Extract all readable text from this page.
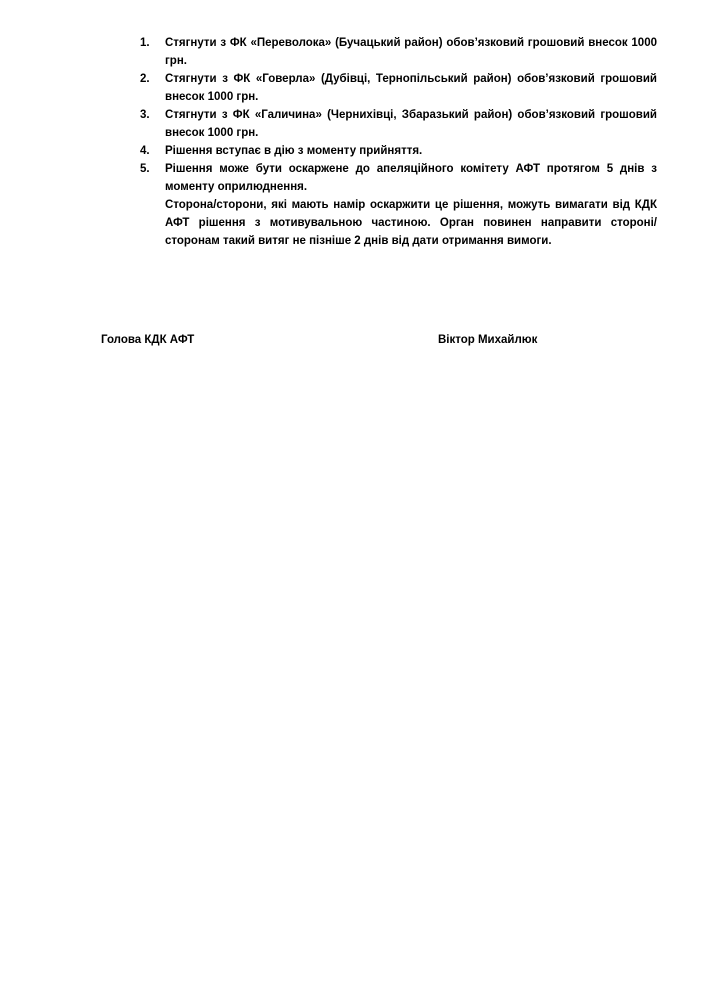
1.	Стягнути з ФК «Переволока» (Бучацький район) обов’язковий грошовий внесок 1000 грн.

2.	Стягнути з ФК «Говерла» (Дубівці, Тернопільський район) обов’язковий грошовий внесок 1000 грн.

3.	Стягнути з ФК «Галичина» (Чернихівці, Збаразький район) обов’язковий грошовий внесок 1000 грн.

4.	Рішення вступає в дію з моменту прийняття.

5.	Рішення може бути оскаржене до апеляційного комітету АФТ протягом 5 днів з моменту оприлюднення.

Сторона/сторони, які мають намір оскаржити це рішення, можуть вимагати від КДК АФТ рішення з мотивувальною частиною. Орган повинен направити стороні/сторонам такий витяг не пізніше 2 днів від дати отримання вимоги.

Голова КДК АФТ	Віктор Михайлюк
